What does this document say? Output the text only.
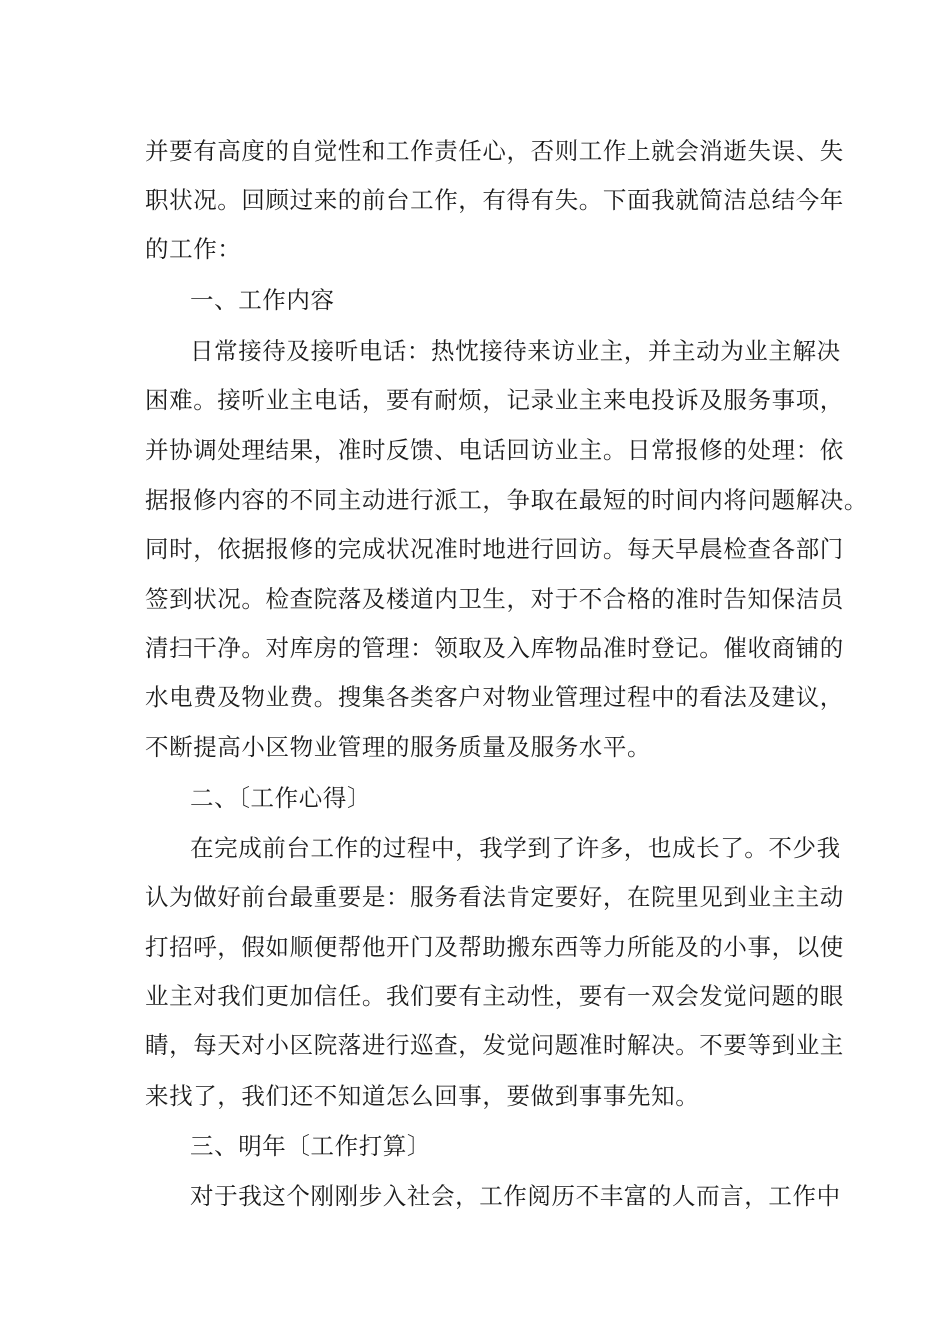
并要有高度的自觉性和工作责任心，否则工作上就会消逝失误、失
职状况。回顾过来的前台工作，有得有失。下面我就简洁总结今年
的工作：
一、工作内容
日常接待及接听电话：热忱接待来访业主，并主动为业主解决
困难。接听业主电话，要有耐烦，记录业主来电投诉及服务事项，
并协调处理结果，准时反馈、电话回访业主。日常报修的处理：依
据报修内容的不同主动进行派工，争取在最短的时间内将问题解决。
同时，依据报修的完成状况准时地进行回访。每天早晨检查各部门
签到状况。检查院落及楼道内卫生，对于不合格的准时告知保洁员
清扫干净。对库房的管理：领取及入库物品准时登记。催收商铺的
水电费及物业费。搜集各类客户对物业管理过程中的看法及建议，
不断提高小区物业管理的服务质量及服务水平。
二、〔工作心得〕
在完成前台工作的过程中，我学到了许多，也成长了。不少我
认为做好前台最重要是：服务看法肯定要好，在院里见到业主主动
打招呼，假如顺便帮他开门及帮助搬东西等力所能及的小事，以使
业主对我们更加信任。我们要有主动性，要有一双会发觉问题的眼
睛，每天对小区院落进行巡查，发觉问题准时解决。不要等到业主
来找了，我们还不知道怎么回事，要做到事事先知。
三、明年〔工作打算〕
对于我这个刚刚步入社会，工作阅历不丰富的人而言，工作中
